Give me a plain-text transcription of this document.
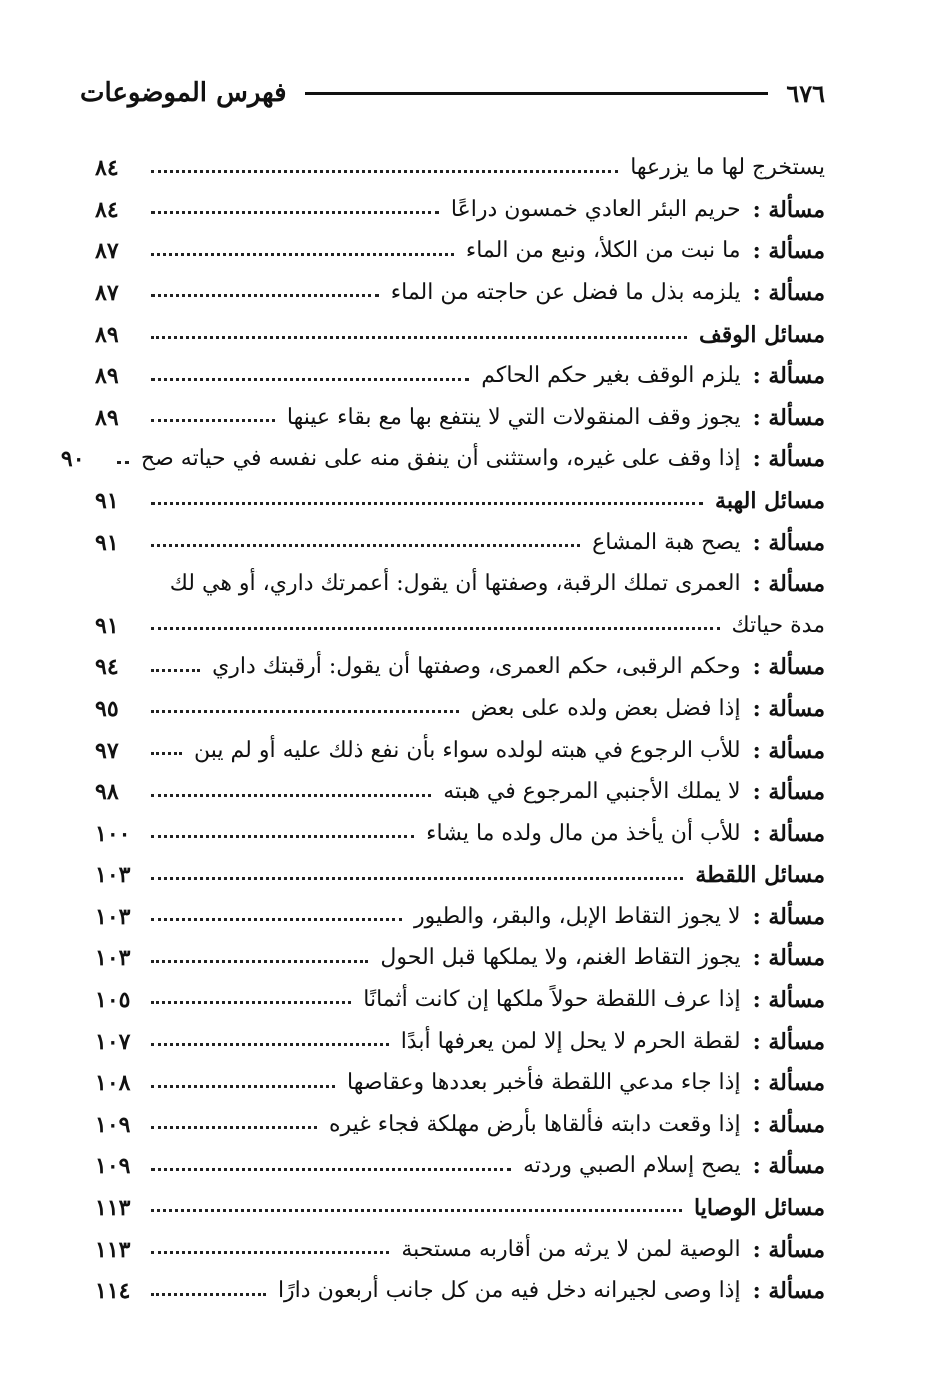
٦٧٦
فهرس الموضوعات
يستخرج لها ما يزرعها
٨٤
مسألة :
حريم البئر العادي خمسون دراعًا
٨٤
مسألة :
ما نبت من الكلأ، ونبع من الماء
٨٧
مسألة :
يلزمه بذل ما فضل عن حاجته من الماء
٨٧
مسائل الوقف
٨٩
مسألة :
يلزم الوقف بغير حكم الحاكم
٨٩
مسألة :
يجوز وقف المنقولات التي لا ينتفع بها مع بقاء عينها
٨٩
مسألة :
إذا وقف على غيره، واستثنى أن ينفق منه على نفسه في حياته صح
٩٠
مسائل الهبة
٩١
مسألة :
يصح هبة المشاع
٩١
مسألة :
العمرى تملك الرقبة، وصفتها أن يقول: أعمرتك داري، أو هي لك
مدة حياتك
٩١
مسألة :
وحكم الرقبى، حكم العمرى، وصفتها أن يقول: أرقبتك داري
٩٤
مسألة :
إذا فضل بعض ولده على بعض
٩٥
مسألة :
للأب الرجوع في هبته لولده سواء بأن نفع ذلك عليه أو لم يبن
٩٧
مسألة :
لا يملك الأجنبي المرجوع في هبته
٩٨
مسألة :
للأب أن يأخذ من مال ولده ما يشاء
١٠٠
مسائل اللقطة
١٠٣
مسألة :
لا يجوز التقاط الإبل، والبقر، والطيور
١٠٣
مسألة :
يجوز التقاط الغنم، ولا يملكها قبل الحول
١٠٣
مسألة :
إذا عرف اللقطة حولاً ملكها إن كانت أثمانًا
١٠٥
مسألة :
لقطة الحرم لا يحل إلا لمن يعرفها أبدًا
١٠٧
مسألة :
إذا جاء مدعي اللقطة فأخبر بعددها وعقاصها
١٠٨
مسألة :
إذا وقعت دابته فألقاها بأرض مهلكة فجاء غيره
١٠٩
مسألة :
يصح إسلام الصبي وردته
١٠٩
مسائل الوصايا
١١٣
مسألة :
الوصية لمن لا يرثه من أقاربه مستحبة
١١٣
مسألة :
إذا وصى لجيرانه دخل فيه من كل جانب أربعون دارًا
١١٤
